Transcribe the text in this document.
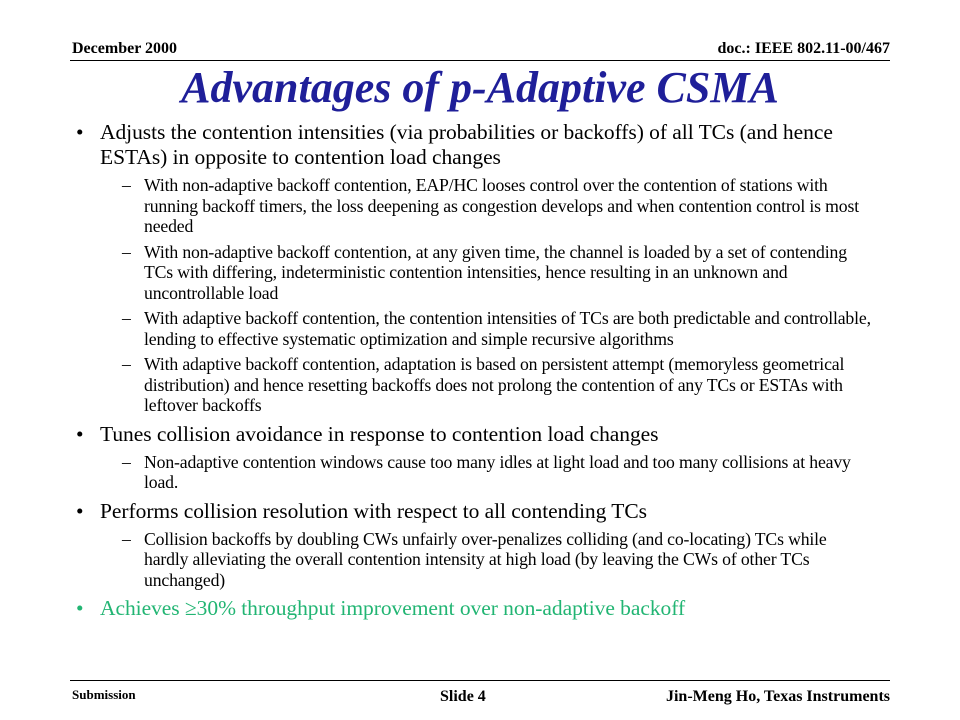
December 2000	doc.: IEEE 802.11-00/467
Advantages of p-Adaptive CSMA
• Adjusts the contention intensities (via probabilities or backoffs) of all TCs (and hence ESTAs) in opposite to contention load changes
– With non-adaptive backoff contention, EAP/HC looses control over the contention of stations with running backoff timers, the loss deepening as congestion develops and when contention control is most needed
– With non-adaptive backoff contention, at any given time, the channel is loaded by a set of contending TCs with differing, indeterministic contention intensities, hence resulting in an unknown and uncontrollable load
– With adaptive backoff contention, the contention intensities of TCs are both predictable and controllable, lending to effective systematic optimization and simple recursive algorithms
– With adaptive backoff contention, adaptation is based on persistent attempt (memoryless geometrical distribution) and hence resetting backoffs does not prolong the contention of any TCs or ESTAs with leftover backoffs
• Tunes collision avoidance in response to contention load changes
– Non-adaptive contention windows cause too many idles at light load and too many collisions at heavy load.
• Performs collision resolution with respect to all contending TCs
– Collision backoffs by doubling CWs unfairly over-penalizes colliding (and co-locating) TCs while hardly alleviating the overall contention intensity at high load (by leaving the CWs of other TCs unchanged)
• Achieves ≥30% throughput improvement over non-adaptive backoff
Submission	Slide 4	Jin-Meng Ho, Texas Instruments
